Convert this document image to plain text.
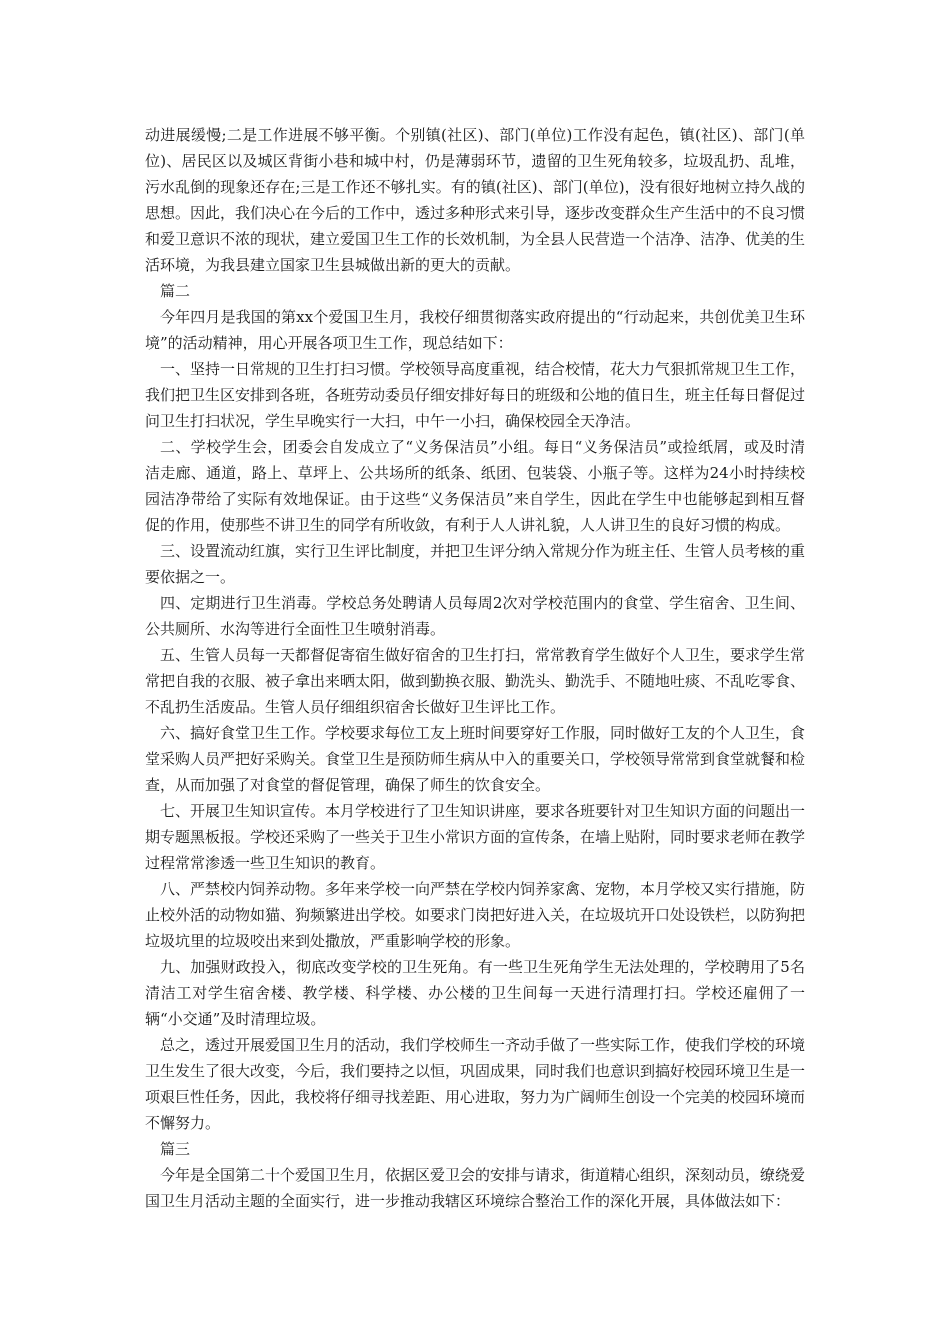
动进展缓慢;二是工作进展不够平衡。个别镇(社区)、部门(单位)工作没有起色，镇(社区)、部门(单位)、居民区以及城区背街小巷和城中村，仍是薄弱环节，遗留的卫生死角较多，垃圾乱扔、乱堆，污水乱倒的现象还存在;三是工作还不够扎实。有的镇(社区)、部门(单位)，没有很好地树立持久战的思想。因此，我们决心在今后的工作中，透过多种形式来引导，逐步改变群众生产生活中的不良习惯和爱卫意识不浓的现状，建立爱国卫生工作的长效机制，为全县人民营造一个洁净、洁净、优美的生活环境，为我县建立国家卫生县城做出新的更大的贡献。

篇二

今年四月是我国的第xx个爱国卫生月，我校仔细贯彻落实政府提出的“行动起来，共创优美卫生环境”的活动精神，用心开展各项卫生工作，现总结如下：

一、坚持一日常规的卫生打扫习惯。学校领导高度重视，结合校情，花大力气狠抓常规卫生工作，我们把卫生区安排到各班，各班劳动委员仔细安排好每日的班级和公地的值日生，班主任每日督促过问卫生打扫状况，学生早晚实行一大扫，中午一小扫，确保校园全天净洁。

二、学校学生会，团委会自发成立了“义务保洁员”小组。每日“义务保洁员”或捡纸屑，或及时清洁走廊、通道，路上、草坪上、公共场所的纸条、纸团、包装袋、小瓶子等。这样为24小时持续校园洁净带给了实际有效地保证。由于这些“义务保洁员”来自学生，因此在学生中也能够起到相互督促的作用，使那些不讲卫生的同学有所收敛，有利于人人讲礼貌，人人讲卫生的良好习惯的构成。

三、设置流动红旗，实行卫生评比制度，并把卫生评分纳入常规分作为班主任、生管人员考核的重要依据之一。

四、定期进行卫生消毒。学校总务处聘请人员每周2次对学校范围内的食堂、学生宿舍、卫生间、公共厕所、水沟等进行全面性卫生喷射消毒。

五、生管人员每一天都督促寄宿生做好宿舍的卫生打扫，常常教育学生做好个人卫生，要求学生常常把自我的衣服、被子拿出来晒太阳，做到勤换衣服、勤洗头、勤洗手、不随地吐痰、不乱吃零食、不乱扔生活废品。生管人员仔细组织宿舍长做好卫生评比工作。

六、搞好食堂卫生工作。学校要求每位工友上班时间要穿好工作服，同时做好工友的个人卫生，食堂采购人员严把好采购关。食堂卫生是预防师生病从中入的重要关口，学校领导常常到食堂就餐和检查，从而加强了对食堂的督促管理，确保了师生的饮食安全。

七、开展卫生知识宣传。本月学校进行了卫生知识讲座，要求各班要针对卫生知识方面的问题出一期专题黑板报。学校还采购了一些关于卫生小常识方面的宣传条，在墙上贴附，同时要求老师在教学过程常常渗透一些卫生知识的教育。

八、严禁校内饲养动物。多年来学校一向严禁在学校内饲养家禽、宠物，本月学校又实行措施，防止校外活的动物如猫、狗频繁进出学校。如要求门岗把好进入关，在垃圾坑开口处设铁栏，以防狗把垃圾坑里的垃圾咬出来到处撒放，严重影响学校的形象。

九、加强财政投入，彻底改变学校的卫生死角。有一些卫生死角学生无法处理的，学校聘用了5名清洁工对学生宿舍楼、教学楼、科学楼、办公楼的卫生间每一天进行清理打扫。学校还雇佣了一辆“小交通”及时清理垃圾。

总之，透过开展爱国卫生月的活动，我们学校师生一齐动手做了一些实际工作，使我们学校的环境卫生发生了很大改变，今后，我们要持之以恒，巩固成果，同时我们也意识到搞好校园环境卫生是一项艰巨性任务，因此，我校将仔细寻找差距、用心进取，努力为广阔师生创设一个完美的校园环境而不懈努力。

篇三

今年是全国第二十个爱国卫生月，依据区爱卫会的安排与请求，街道精心组织，深刻动员，缭绕爱国卫生月活动主题的全面实行，进一步推动我辖区环境综合整治工作的深化开展，具体做法如下：
